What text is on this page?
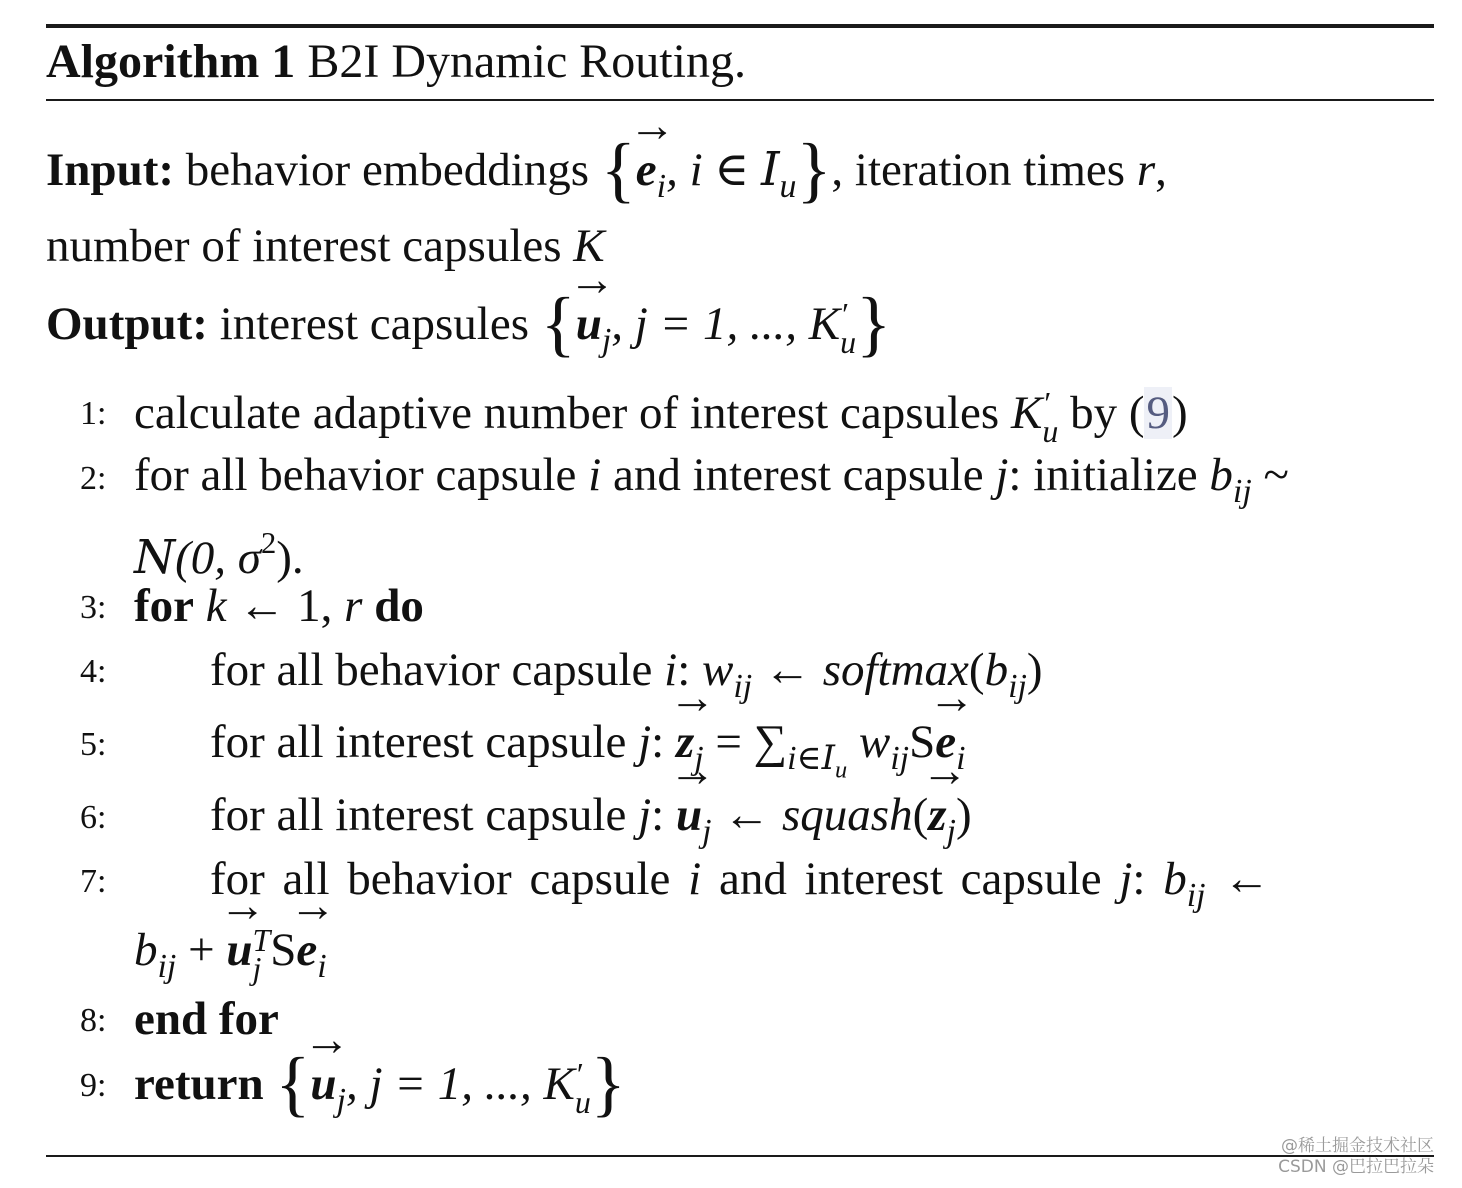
Algorithm 1 B2I Dynamic Routing.
Input: behavior embeddings {→ $e_i$, i ∈ $I_u$}, iteration times r,
number of interest capsules K
Output: interest capsules {→ $u_j$, j = 1, ..., K ′
u }
1:
2:
3:
4:
5:
6:
7:
8:
9:
calculate adaptive number of interest capsules K ′
u by (9)
for all behavior capsule i and interest capsule j: initialize $b_{ij}$ ~
N(0, $\sigma^2$).
for k ← 1, r do
for all behavior capsule i: $w_{ij}$ ← $softmax(b_{ij})$
for all interest capsule j: → $z_j = \sum_{i\in I_u}$ $w_{ij}S\to e_i$
for all interest capsule j: → $u_j$ ← squash(→ $z_j$)
for all behavior capsule i and interest capsule j: $b_{ij}$ ←
$b_{ij}$ + → u T
j $S\to e_i$
end for
return {→ $u_j$, j = 1, ..., K ′
u }
@稀土掘金技术社区
CSDN @巴拉巴拉朵
